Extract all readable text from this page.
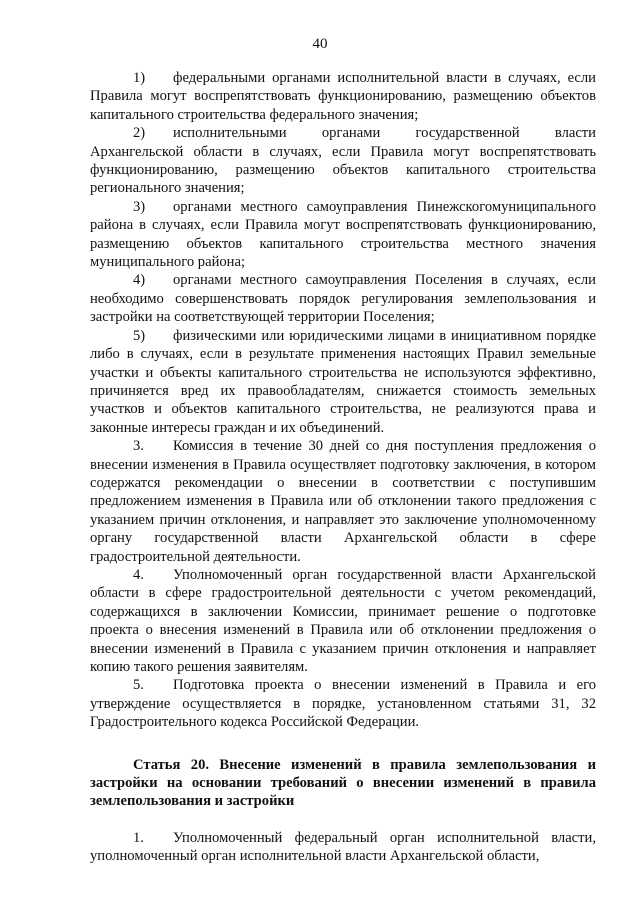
40

1) федеральными органами исполнительной власти в случаях, если Правила могут воспрепятствовать функционированию, размещению объектов капитального строительства федерального значения;

2) исполнительными органами государственной власти Архангельской области в случаях, если Правила могут воспрепятствовать функционированию, размещению объектов капитального строительства регионального значения;

3) органами местного самоуправления Пинежскогомуниципального района в случаях, если Правила могут воспрепятствовать функционированию, размещению объектов капитального строительства местного значения муниципального района;

4) органами местного самоуправления Поселения в случаях, если необходимо совершенствовать порядок регулирования землепользования и застройки на соответствующей территории Поселения;

5) физическими или юридическими лицами в инициативном порядке либо в случаях, если в результате применения настоящих Правил земельные участки и объекты капитального строительства не используются эффективно, причиняется вред их правообладателям, снижается стоимость земельных участков и объектов капитального строительства, не реализуются права и законные интересы граждан и их объединений.

3. Комиссия в течение 30 дней со дня поступления предложения о внесении изменения в Правила осуществляет подготовку заключения, в котором содержатся рекомендации о внесении в соответствии с поступившим предложением изменения в Правила или об отклонении такого предложения с указанием причин отклонения, и направляет это заключение уполномоченному органу государственной власти Архангельской области в сфере градостроительной деятельности.

4. Уполномоченный орган государственной власти Архангельской области в сфере градостроительной деятельности с учетом рекомендаций, содержащихся в заключении Комиссии, принимает решение о подготовке проекта о внесения изменений в Правила или об отклонении предложения о внесении изменений в Правила с указанием причин отклонения и направляет копию такого решения заявителям.

5. Подготовка проекта о внесении изменений в Правила и его утверждение осуществляется в порядке, установленном статьями 31, 32 Градостроительного кодекса Российской Федерации.

Статья 20. Внесение изменений в правила землепользования и застройки на основании требований о внесении изменений в правила землепользования и застройки

1. Уполномоченный федеральный орган исполнительной власти, уполномоченный орган исполнительной власти Архангельской области,
